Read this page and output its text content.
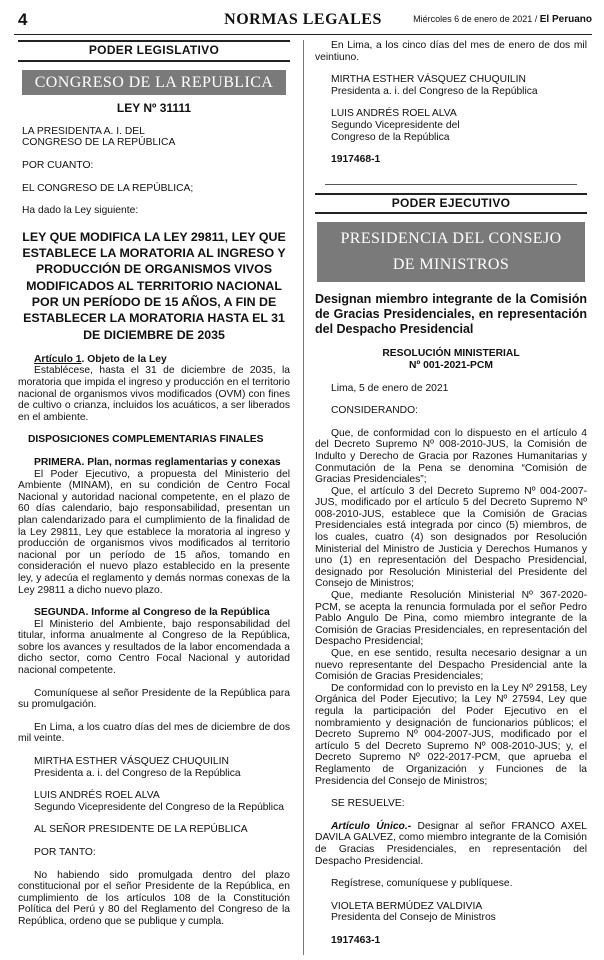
4	NORMAS LEGALES	Miércoles 6 de enero de 2021 / El Peruano
PODER LEGISLATIVO
CONGRESO DE LA REPUBLICA
LEY Nº 31111

LA PRESIDENTA A. I. DEL CONGRESO DE LA REPÚBLICA

POR CUANTO:

EL CONGRESO DE LA REPÚBLICA;

Ha dado la Ley siguiente:

LEY QUE MODIFICA LA LEY 29811, LEY QUE ESTABLECE LA MORATORIA AL INGRESO Y PRODUCCIÓN DE ORGANISMOS VIVOS MODIFICADOS AL TERRITORIO NACIONAL POR UN PERÍODO DE 15 AÑOS, A FIN DE ESTABLECER LA MORATORIA HASTA EL 31 DE DICIEMBRE DE 2035

Artículo 1. Objeto de la Ley

Establécese, hasta el 31 de diciembre de 2035, la moratoria que impida el ingreso y producción en el territorio nacional de organismos vivos modificados (OVM) con fines de cultivo o crianza, incluidos los acuáticos, a ser liberados en el ambiente.

DISPOSICIONES COMPLEMENTARIAS FINALES

PRIMERA. Plan, normas reglamentarias y conexas

El Poder Ejecutivo, a propuesta del Ministerio del Ambiente (MINAM), en su condición de Centro Focal Nacional y autoridad nacional competente, en el plazo de 60 días calendario, bajo responsabilidad, presentan un plan calendarizado para el cumplimiento de la finalidad de la Ley 29811, Ley que establece la moratoria al ingreso y producción de organismos vivos modificados al territorio nacional por un período de 15 años, tomando en consideración el nuevo plazo establecido en la presente ley, y adecúa el reglamento y demás normas conexas de la Ley 29811 a dicho nuevo plazo.

SEGUNDA. Informe al Congreso de la República

El Ministerio del Ambiente, bajo responsabilidad del titular, informa anualmente al Congreso de la República, sobre los avances y resultados de la labor encomendada a dicho sector, como Centro Focal Nacional y autoridad nacional competente.

Comuníquese al señor Presidente de la República para su promulgación.

En Lima, a los cuatro días del mes de diciembre de dos mil veinte.

MIRTHA ESTHER VÁSQUEZ CHUQUILIN

Presidenta a. i. del Congreso de la República

LUIS ANDRÉS ROEL ALVA

Segundo Vicepresidente del Congreso de la República

AL SEÑOR PRESIDENTE DE LA REPÚBLICA

POR TANTO:

No habiendo sido promulgada dentro del plazo constitucional por el señor Presidente de la República, en cumplimiento de los artículos 108 de la Constitución Política del Perú y 80 del Reglamento del Congreso de la República, ordeno que se publique y cumpla.

En Lima, a los cinco días del mes de enero de dos mil veintiuno.

MIRTHA ESTHER VÁSQUEZ CHUQUILIN

Presidenta a. i. del Congreso de la República

LUIS ANDRÉS ROEL ALVA

Segundo Vicepresidente del

Congreso de la República

1917468-1

PODER EJECUTIVO
PRESIDENCIA DEL CONSEJO
DE MINISTROS
Designan miembro integrante de la Comisión de Gracias Presidenciales, en representación del Despacho Presidencial

RESOLUCIÓN MINISTERIAL

Nº 001-2021-PCM

Lima, 5 de enero de 2021

CONSIDERANDO:

Que, de conformidad con lo dispuesto en el artículo 4 del Decreto Supremo Nº 008-2010-JUS, la Comisión de Indulto y Derecho de Gracia por Razones Humanitarias y Conmutación de la Pena se denomina “Comisión de Gracias Presidenciales”;

Que, el artículo 3 del Decreto Supremo Nº 004-2007-JUS, modificado por el artículo 5 del Decreto Supremo Nº 008-2010-JUS, establece que la Comisión de Gracias Presidenciales está integrada por cinco (5) miembros, de los cuales, cuatro (4) son designados por Resolución Ministerial del Ministro de Justicia y Derechos Humanos y uno (1) en representación del Despacho Presidencial, designado por Resolución Ministerial del Presidente del Consejo de Ministros;

Que, mediante Resolución Ministerial Nº 367-2020-PCM, se acepta la renuncia formulada por el señor Pedro Pablo Angulo De Pina, como miembro integrante de la Comisión de Gracias Presidenciales, en representación del Despacho Presidencial;

Que, en ese sentido, resulta necesario designar a un nuevo representante del Despacho Presidencial ante la Comisión de Gracias Presidenciales;

De conformidad con lo previsto en la Ley Nº 29158, Ley Orgánica del Poder Ejecutivo; la Ley Nº 27594, Ley que regula la participación del Poder Ejecutivo en el nombramiento y designación de funcionarios públicos; el Decreto Supremo Nº 004-2007-JUS, modificado por el artículo 5 del Decreto Supremo Nº 008-2010-JUS; y, el Decreto Supremo Nº 022-2017-PCM, que aprueba el Reglamento de Organización y Funciones de la Presidencia del Consejo de Ministros;

SE RESUELVE:

Artículo Único.- Designar al señor FRANCO AXEL DAVILA GALVEZ, como miembro integrante de la Comisión de Gracias Presidenciales, en representación del Despacho Presidencial.

Regístrese, comuníquese y publíquese.

VIOLETA BERMÚDEZ VALDIVIA

Presidenta del Consejo de Ministros

1917463-1
